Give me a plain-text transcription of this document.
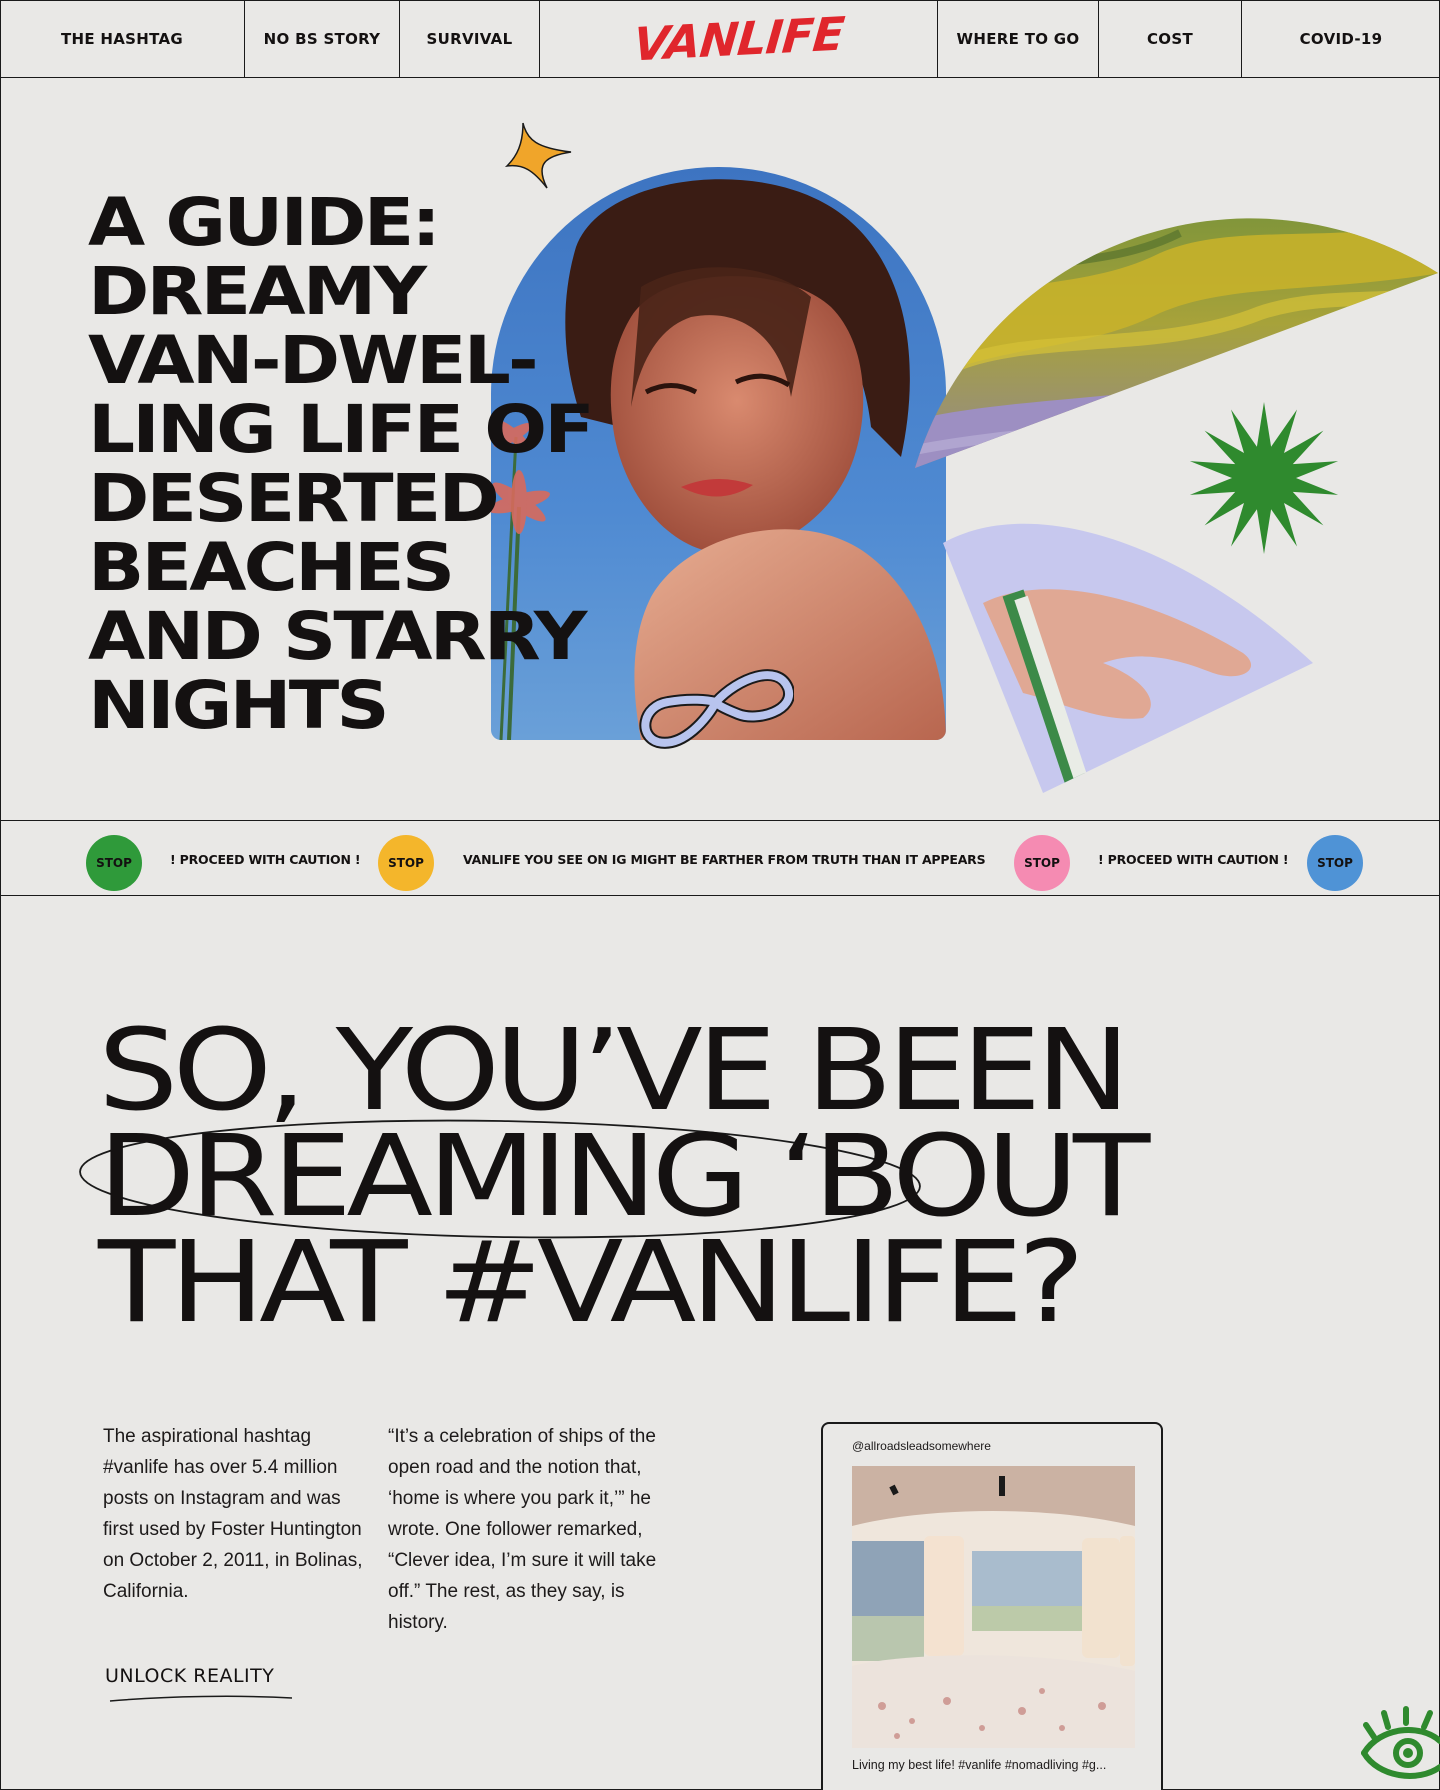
THE HASHTAG	NO BS STORY	SURVIVAL	VANLIFE	WHERE TO GO	COST	COVID-19
A GUIDE:
DREAMY
VAN-DWEL-
LING LIFE OF
DESERTED
BEACHES
AND STARRY
NIGHTS
STOP	! PROCEED WITH CAUTION !	STOP	VANLIFE YOU SEE ON IG MIGHT BE FARTHER FROM TRUTH THAN IT APPEARS	STOP	! PROCEED WITH CAUTION !	STOP
SO, YOU’VE BEEN
DREAMING ‘BOUT
THAT #VANLIFE?

The aspirational hashtag #vanlife has over 5.4 million posts on Instagram and was first used by Foster Huntington on October 2, 2011, in Bolinas, California.

“It’s a celebration of ships of the open road and the notion that, ‘home is where you park it,’” he wrote. One follower remarked, “Clever idea, I’m sure it will take off.” The rest, as they say, is history.

UNLOCK REALITY
@allroadsleadsomewhere
Living my best life! #vanlife #nomadliving #g...
